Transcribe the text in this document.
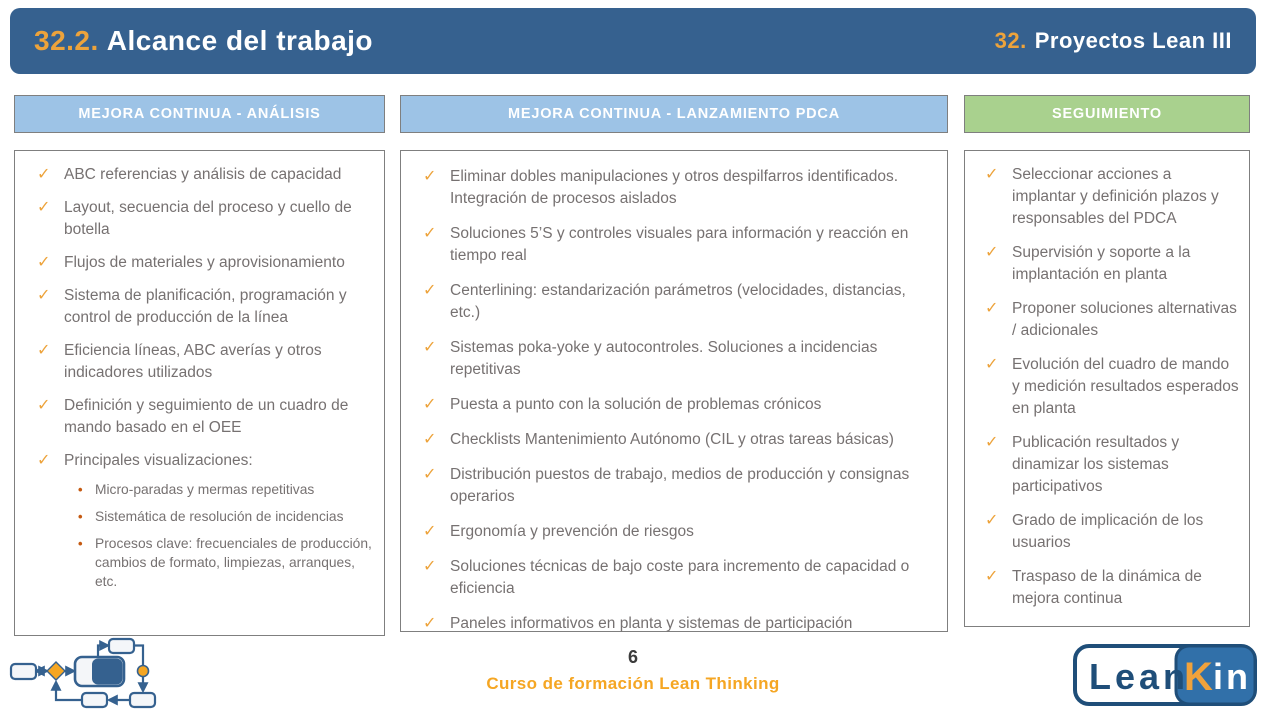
32.2. Alcance del trabajo	32. Proyectos Lean III
MEJORA CONTINUA - ANÁLISIS	MEJORA CONTINUA - LANZAMIENTO PDCA	SEGUIMIENTO
✓ ABC referencias y análisis de capacidad
✓ Layout, secuencia del proceso y cuello de botella
✓ Flujos de materiales y aprovisionamiento
✓ Sistema de planificación, programación y control de producción de la línea
✓ Eficiencia líneas, ABC averías y otros indicadores utilizados
✓ Definición y seguimiento de un cuadro de mando basado en el OEE
✓ Principales visualizaciones:
• Micro-paradas y mermas repetitivas
• Sistemática de resolución de incidencias
• Procesos clave: frecuenciales de producción, cambios de formato, limpiezas, arranques, etc.
✓ Eliminar dobles manipulaciones y otros despilfarros identificados. Integración de procesos aislados
✓ Soluciones 5’S y controles visuales para información y reacción en tiempo real
✓ Centerlining: estandarización parámetros (velocidades, distancias, etc.)
✓ Sistemas poka-yoke y autocontroles. Soluciones a incidencias repetitivas
✓ Puesta a punto con la solución de problemas crónicos
✓ Checklists Mantenimiento Autónomo (CIL y otras tareas básicas)
✓ Distribución puestos de trabajo, medios de producción y consignas operarios
✓ Ergonomía y prevención de riesgos
✓ Soluciones técnicas de bajo coste para incremento de capacidad o eficiencia
✓ Paneles informativos en planta y sistemas de participación
✓ Seleccionar acciones a implantar y definición plazos y responsables del PDCA
✓ Supervisión y soporte a la implantación en planta
✓ Proponer soluciones alternativas / adicionales
✓ Evolución del cuadro de mando y medición resultados esperados en planta
✓ Publicación resultados y dinamizar los sistemas participativos
✓ Grado de implicación de los usuarios
✓ Traspaso de la dinámica de mejora continua
6
Curso de formación Lean Thinking	Lean
K in
